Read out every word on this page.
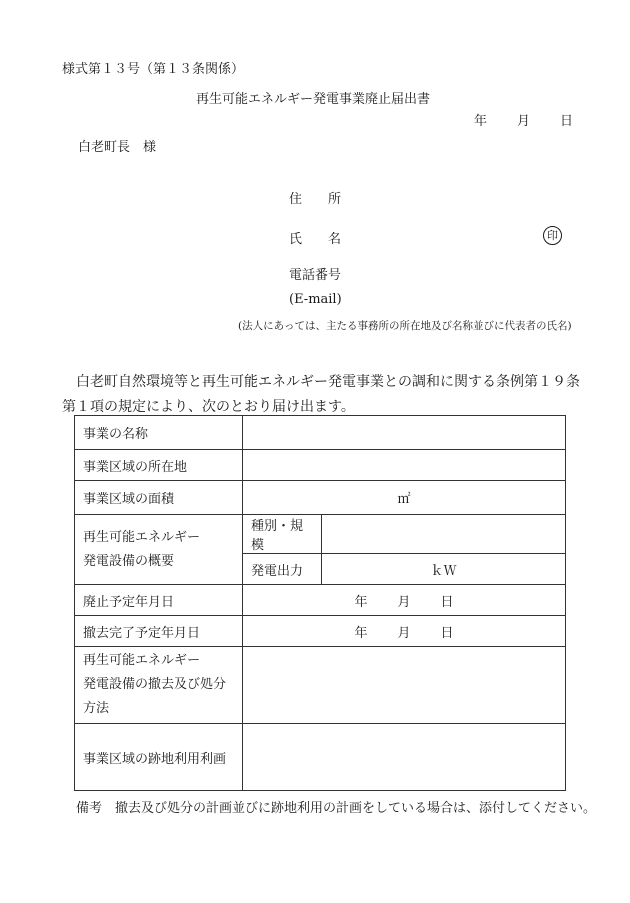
様式第１３号（第１３条関係）
再生可能エネルギー発電事業廃止届出書
年 月 日
白老町長　様
住　　所
氏　　名	印
電話番号
(E-mail)
(法人にあっては、主たる事務所の所在地及び名称並びに代表者の氏名)
白老町自然環境等と再生可能エネルギー発電事業との調和に関する条例第１９条第１項の規定により、次のとおり届け出ます。
事業の名称		
事業区域の所在地		
事業区域の面積	㎡	

再生可能エネルギー
発電設備の概要	種別・規模	
	発電出力	ｋＷ
廃止予定年月日	年 月 日	
撤去完了予定年月日	年 月 日	

再生可能エネルギー
発電設備の撤去及び処分
方法		

事業区域の跡地利用利画		
備考　撤去及び処分の計画並びに跡地利用の計画をしている場合は、添付してください。
